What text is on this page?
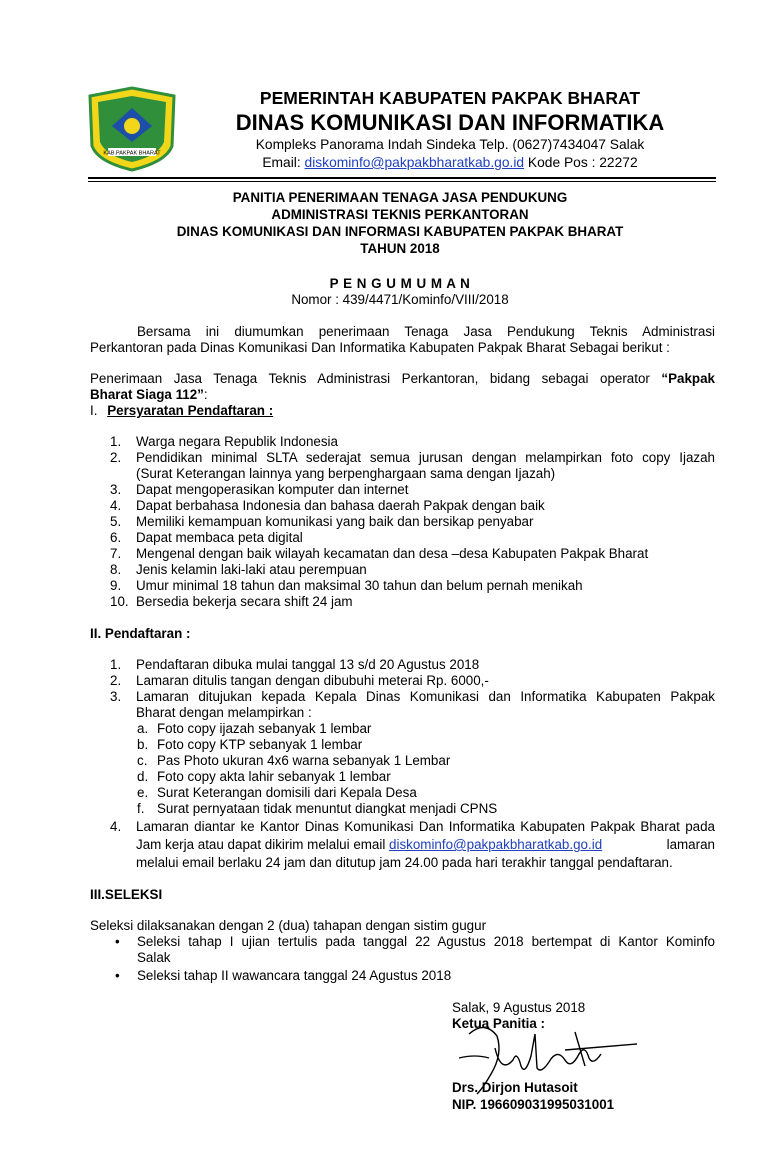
KAB.PAKPAK BHARAT
PEMERINTAH KABUPATEN PAKPAK BHARAT
DINAS KOMUNIKASI DAN INFORMATIKA
Kompleks Panorama Indah Sindeka Telp. (0627)7434047 Salak
Email: diskominfo@pakpakbharatkab.go.id Kode Pos : 22272
PANITIA PENERIMAAN TENAGA JASA PENDUKUNG
ADMINISTRASI TEKNIS PERKANTORAN
DINAS KOMUNIKASI DAN INFORMASI KABUPATEN PAKPAK BHARAT
TAHUN 2018
P E N G U M U M A N
Nomor : 439/4471/Kominfo/VIII/2018
Bersama ini diumumkan penerimaan Tenaga Jasa Pendukung Teknis Administrasi
Perkantoran pada Dinas Komunikasi Dan Informatika Kabupaten Pakpak Bharat Sebagai berikut :
Penerimaan Jasa Tenaga Teknis Administrasi Perkantoran, bidang sebagai operator “Pakpak
Bharat Siaga 112”:
I. Persyaratan Pendaftaran :
1. Warga negara Republik Indonesia
2. Pendidikan minimal SLTA sederajat semua jurusan dengan melampirkan foto copy Ijazah
(Surat Keterangan lainnya yang berpenghargaan sama dengan Ijazah)
3. Dapat mengoperasikan komputer dan internet
4. Dapat berbahasa Indonesia dan bahasa daerah Pakpak dengan baik
5. Memiliki kemampuan komunikasi yang baik dan bersikap penyabar
6. Dapat membaca peta digital
7. Mengenal dengan baik wilayah kecamatan dan desa –desa Kabupaten Pakpak Bharat
8. Jenis kelamin laki-laki atau perempuan
9. Umur minimal 18 tahun dan maksimal 30 tahun dan belum pernah menikah
10. Bersedia bekerja secara shift 24 jam
II. Pendaftaran :
1. Pendaftaran dibuka mulai tanggal 13 s/d 20 Agustus 2018
2. Lamaran ditulis tangan dengan dibubuhi meterai Rp. 6000,-
3. Lamaran ditujukan kepada Kepala Dinas Komunikasi dan Informatika Kabupaten Pakpak
Bharat dengan melampirkan :
a. Foto copy ijazah sebanyak 1 lembar
b. Foto copy KTP sebanyak 1 lembar
c. Pas Photo ukuran 4x6 warna sebanyak 1 Lembar
d. Foto copy akta lahir sebanyak 1 lembar
e. Surat Keterangan domisili dari Kepala Desa
f. Surat pernyataan tidak menuntut diangkat menjadi CPNS
4. Lamaran diantar ke Kantor Dinas Komunikasi Dan Informatika Kabupaten Pakpak Bharat pada
Jam kerja atau dapat dikirim melalui email diskominfo@pakpakbharatkab.go.id	lamaran
melalui email berlaku 24 jam dan ditutup jam 24.00 pada hari terakhir tanggal pendaftaran.
III.SELEKSI
Seleksi dilaksanakan dengan 2 (dua) tahapan dengan sistim gugur
• Seleksi tahap I ujian tertulis pada tanggal 22 Agustus 2018 bertempat di Kantor Kominfo
Salak
• Seleksi tahap II wawancara tanggal 24 Agustus 2018
Salak, 9 Agustus 2018
Ketua Panitia :
Drs. Dirjon Hutasoit
NIP. 196609031995031001
